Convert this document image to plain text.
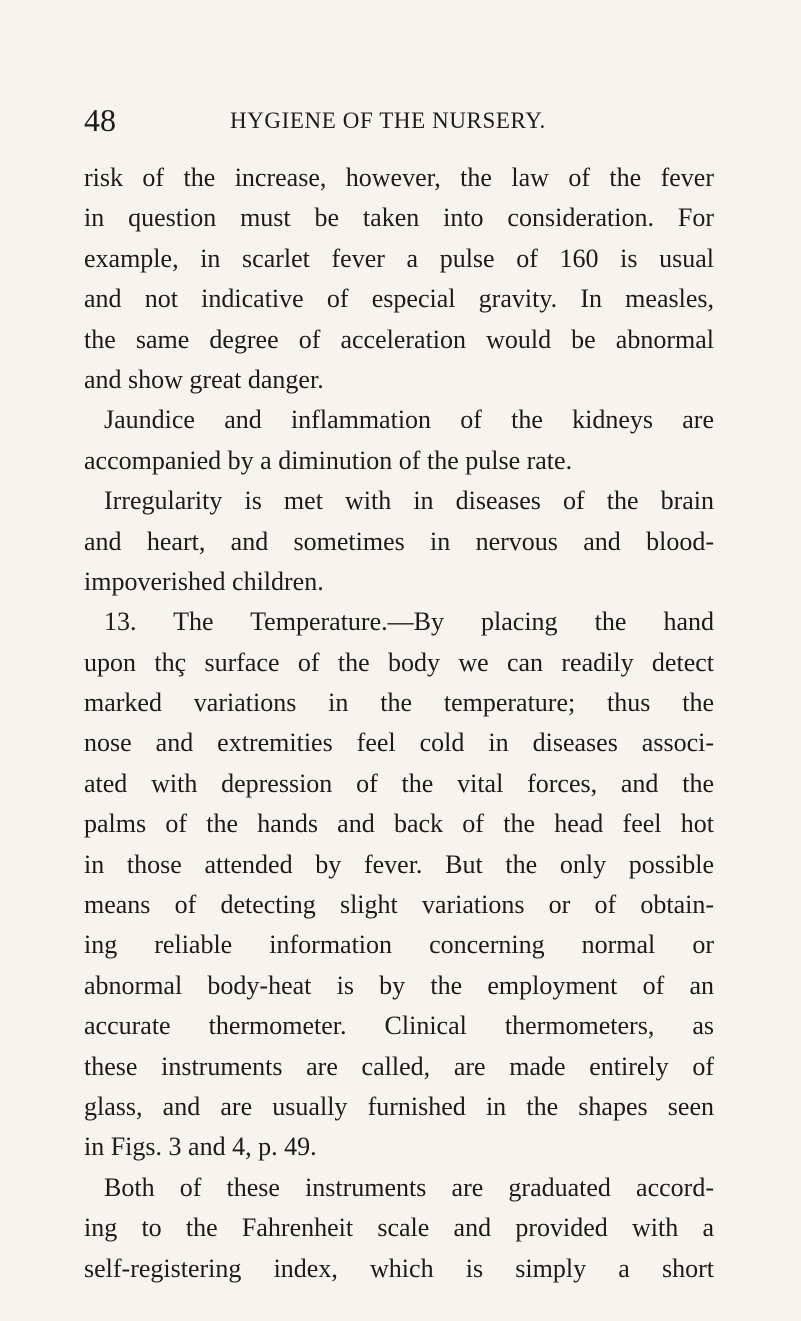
48	HYGIENE OF THE NURSERY.
risk of the increase, however, the law of the fever
in question must be taken into consideration. For
example, in scarlet fever a pulse of 160 is usual
and not indicative of especial gravity. In measles,
the same degree of acceleration would be abnormal
and show great danger.
Jaundice and inflammation of the kidneys are
accompanied by a diminution of the pulse rate.
Irregularity is met with in diseases of the brain
and heart, and sometimes in nervous and blood-
impoverished children.
13. The Temperature.—By placing the hand
upon thç surface of the body we can readily detect
marked variations in the temperature; thus the
nose and extremities feel cold in diseases associ-
ated with depression of the vital forces, and the
palms of the hands and back of the head feel hot
in those attended by fever. But the only possible
means of detecting slight variations or of obtain-
ing reliable information concerning normal or
abnormal body-heat is by the employment of an
accurate thermometer. Clinical thermometers, as
these instruments are called, are made entirely of
glass, and are usually furnished in the shapes seen
in Figs. 3 and 4, p. 49.
Both of these instruments are graduated accord-
ing to the Fahrenheit scale and provided with a
self-registering index, which is simply a short
